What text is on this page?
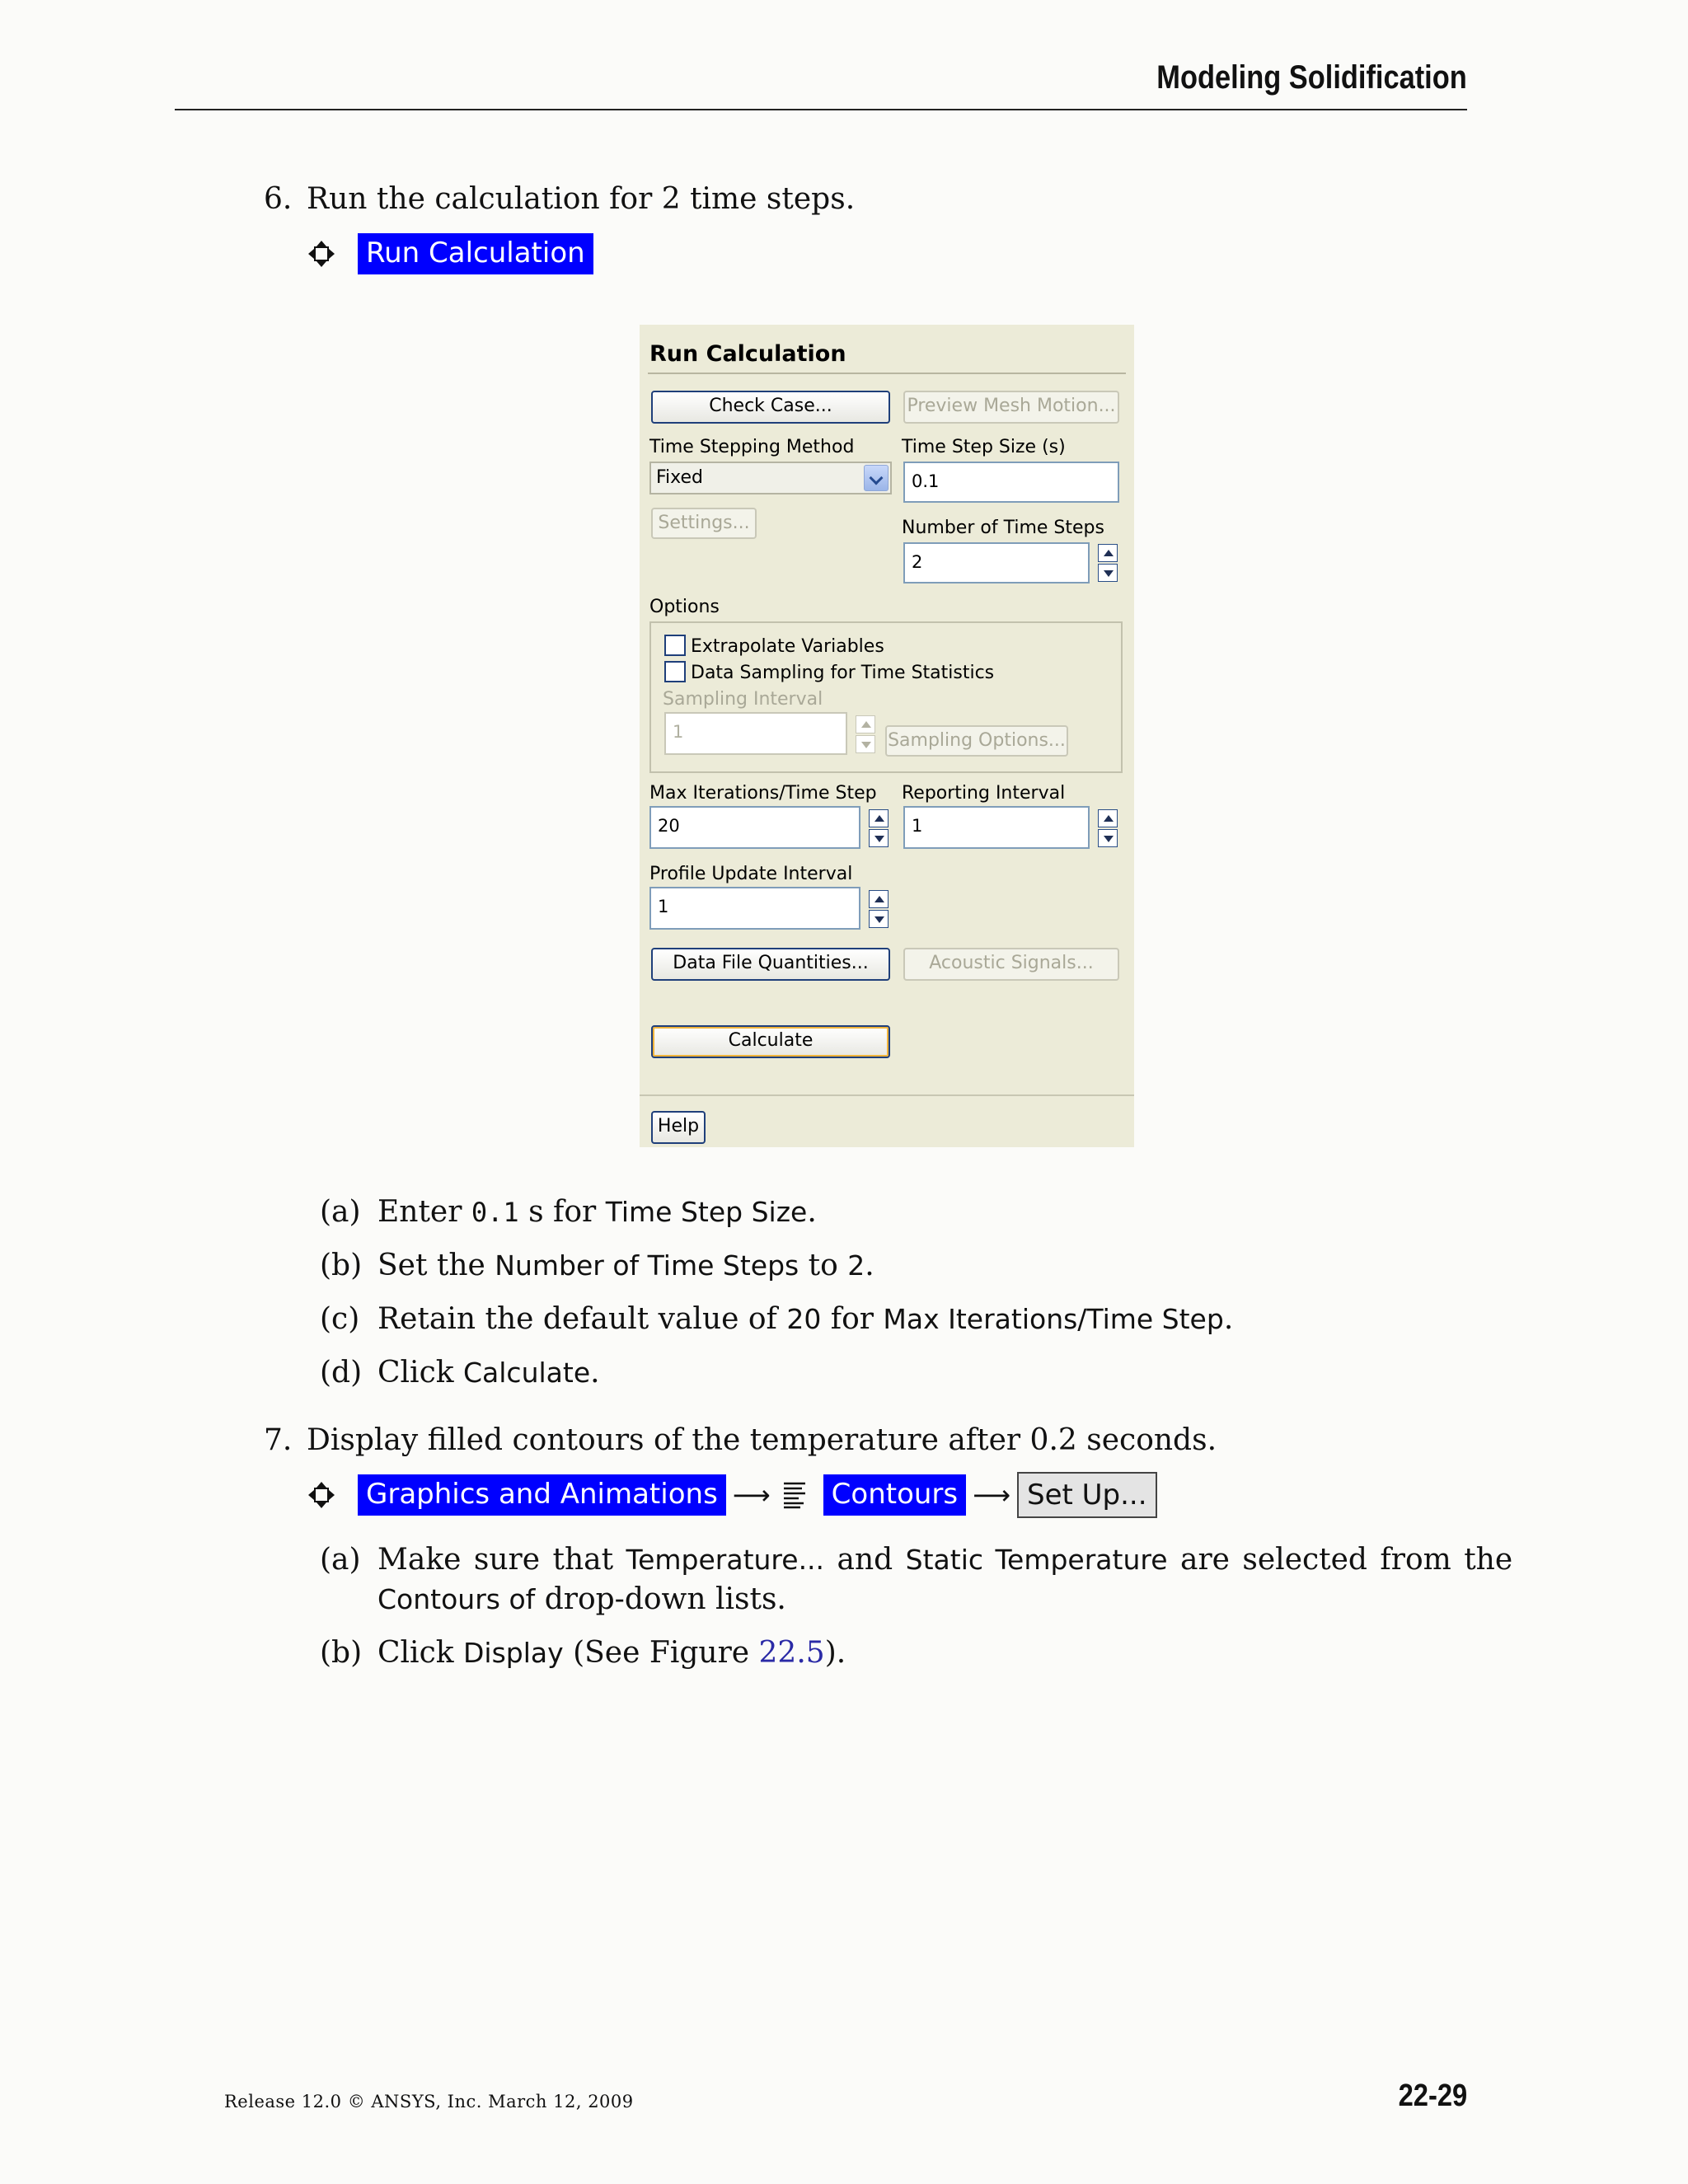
Modeling Solidification
6. Run the calculation for 2 time steps.
Run Calculation
Run Calculation
Check Case...	Preview Mesh Motion...
Time Stepping Method	Time Step Size (s)
Fixed	0.1
Settings...	Number of Time Steps
2
Options
Extrapolate Variables
Data Sampling for Time Statistics
Sampling Interval
1	Sampling Options...
Max Iterations/Time Step Reporting Interval
20	1
Profile Update Interval
1
Data File Quantities...	Acoustic Signals...
Calculate
Help
(a) Enter 0.1 s for Time Step Size.
(b) Set the Number of Time Steps to 2.
(c) Retain the default value of 20 for Max Iterations/Time Step.
(d) Click Calculate.
7. Display filled contours of the temperature after 0.2 seconds.
Graphics and Animations ⟶ Contours ⟶ Set Up...
(a) Make sure that Temperature... and Static Temperature are selected from the
Contours of drop-down lists.
(b) Click Display (See Figure 22.5).
Release 12.0 © ANSYS, Inc. March 12, 2009	22-29
